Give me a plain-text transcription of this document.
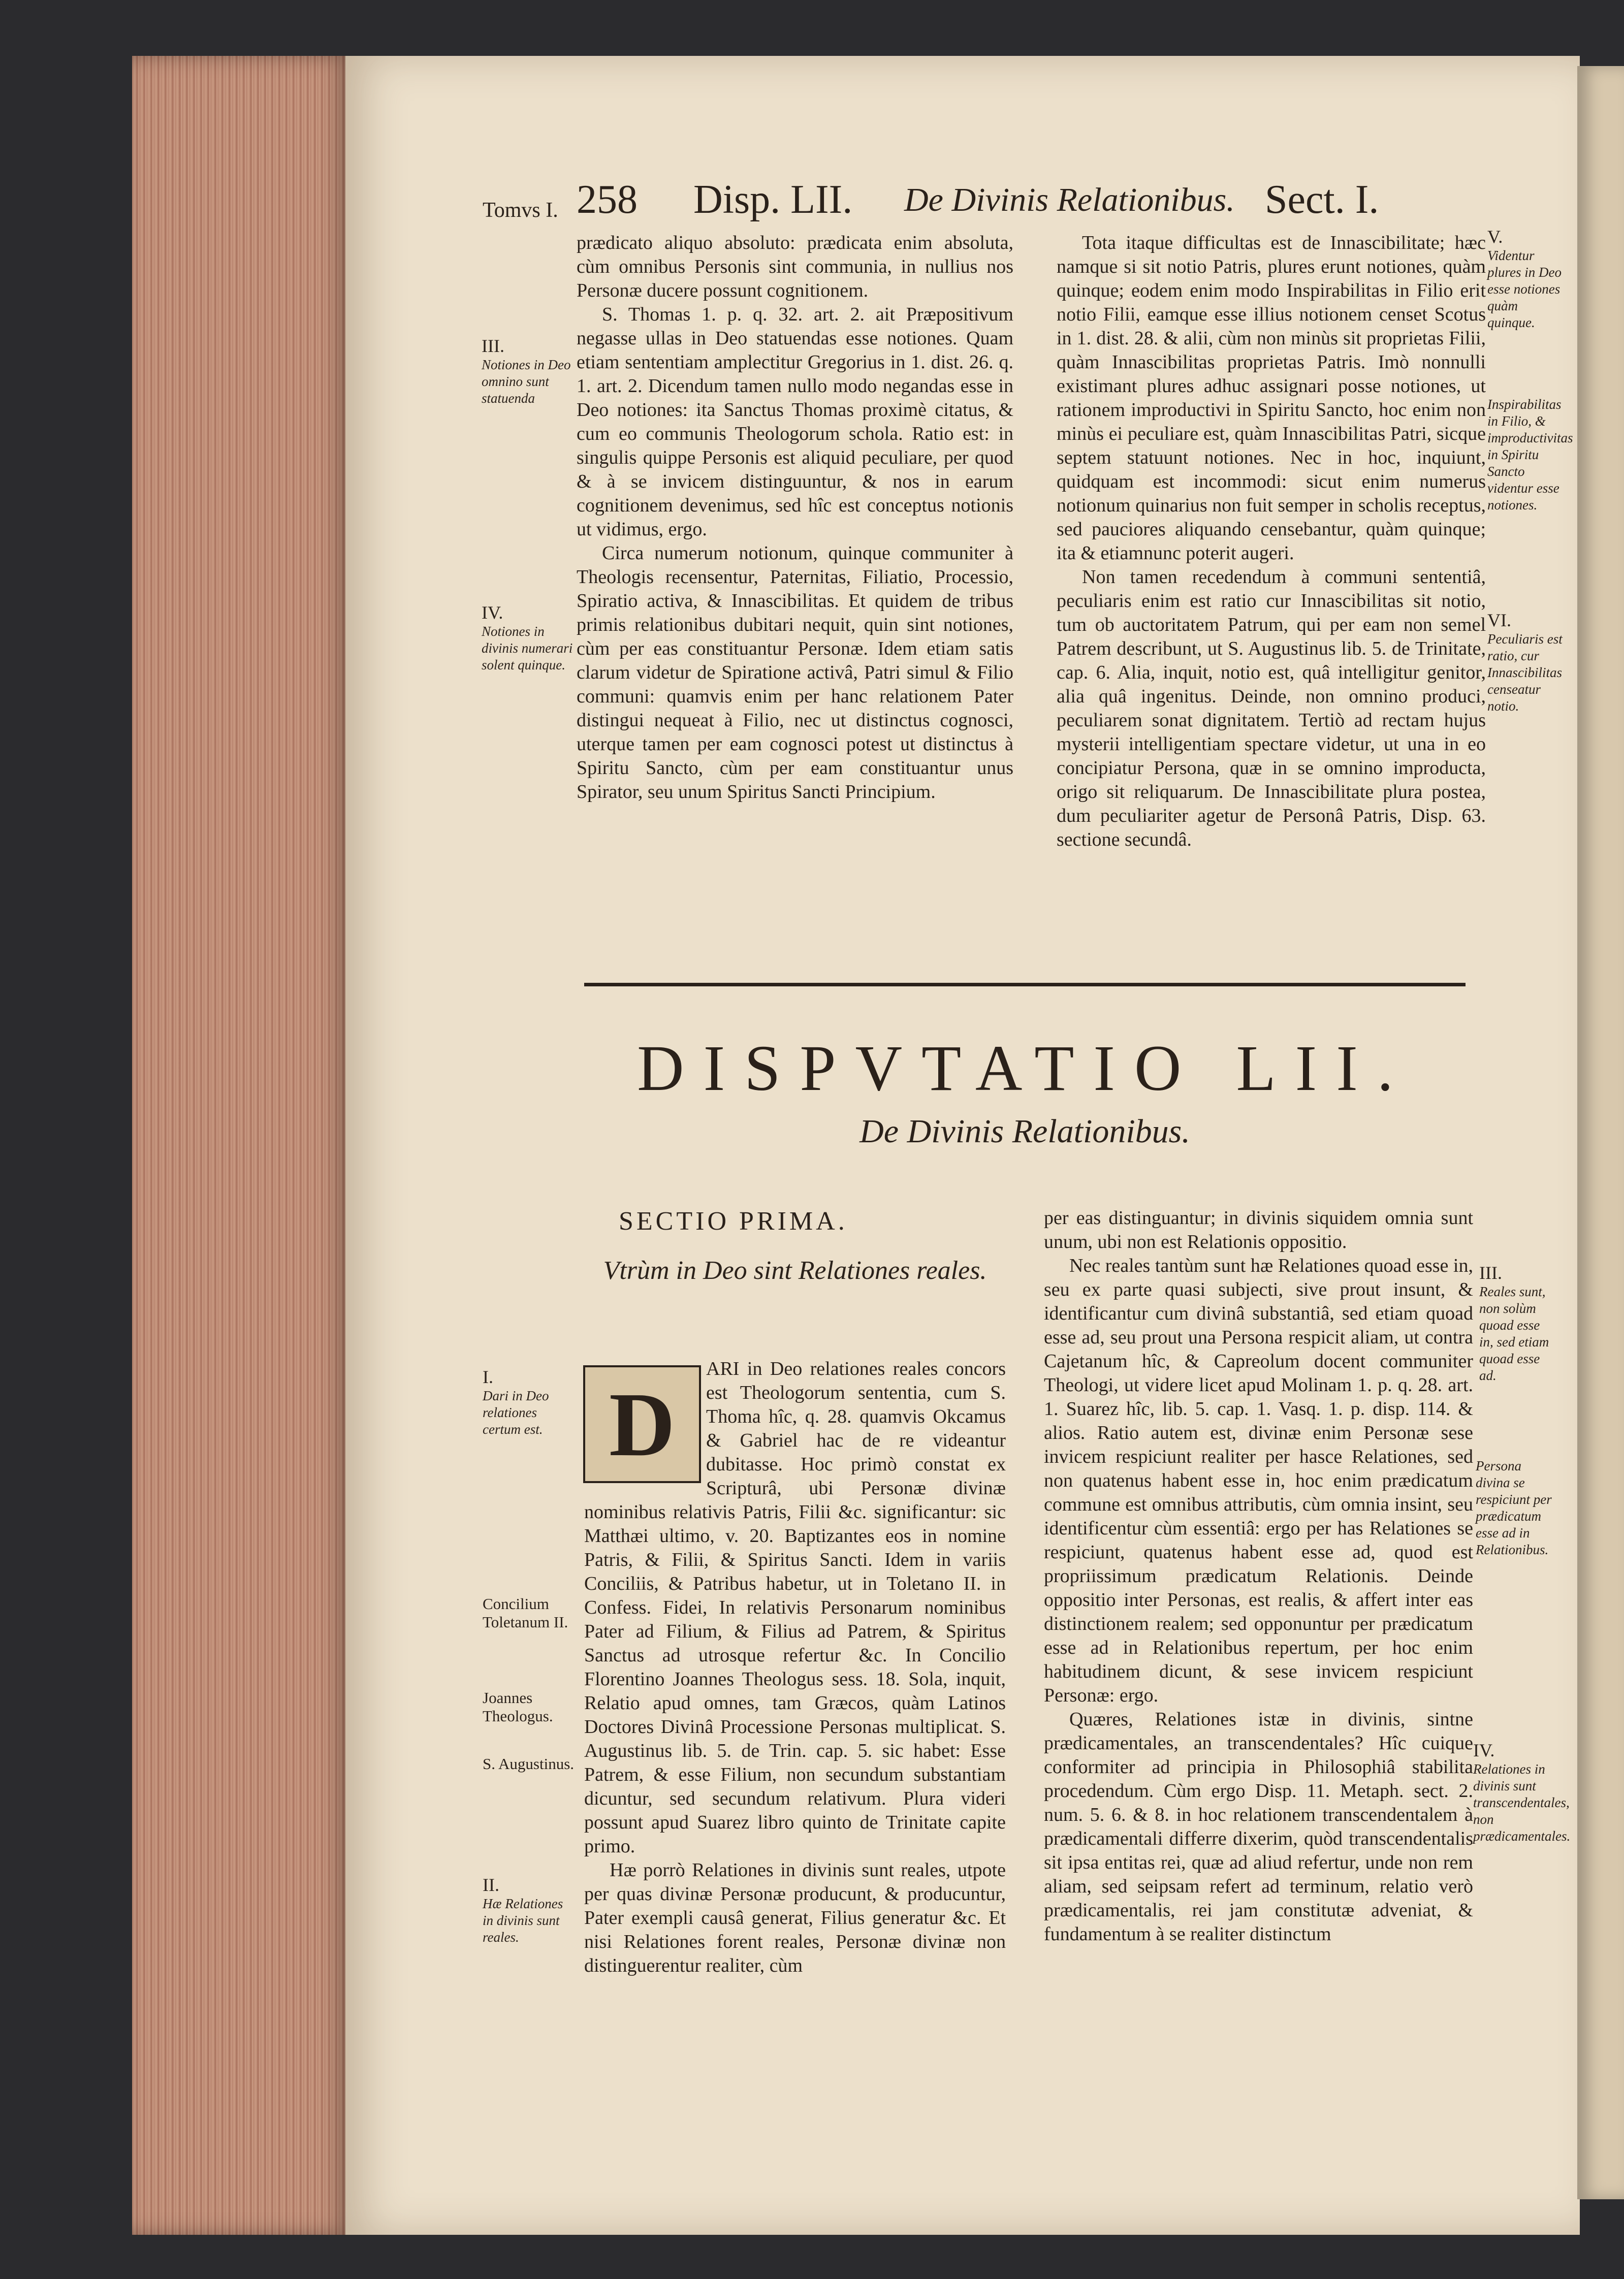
Tomvs I. 258 Disp. LII. De Divinis Relationibus. Sect. I.

prædicato aliquo absoluto: prædicata enim absoluta, cùm omnibus Personis sint communia, in nullius nos Personæ ducere possunt cognitionem.

S. Thomas 1. p. q. 32. art. 2. ait Præpositivum negasse ullas in Deo statuendas esse notiones. Quam etiam sententiam amplectitur Gregorius in 1. dist. 26. q. 1. art. 2. Dicendum tamen nullo modo negandas esse in Deo notiones: ita Sanctus Thomas proximè citatus, & cum eo communis Theologorum schola. Ratio est: in singulis quippe Personis est aliquid peculiare, per quod & à se invicem distinguuntur, & nos in earum cognitionem devenimus, sed hîc est conceptus notionis ut vidimus, ergo.

Circa numerum notionum, quinque communiter à Theologis recensentur, Paternitas, Filiatio, Processio, Spiratio activa, & Innascibilitas. Et quidem de tribus primis relationibus dubitari nequit, quin sint notiones, cùm per eas constituantur Personæ. Idem etiam satis clarum videtur de Spiratione activâ, Patri simul & Filio communi: quamvis enim per hanc relationem Pater distingui nequeat à Filio, nec ut distinctus cognosci, uterque tamen per eam cognosci potest ut distinctus à Spiritu Sancto, cùm per eam constituantur unus Spirator, seu unum Spiritus Sancti Principium.

Tota itaque difficultas est de Innascibilitate; hæc namque si sit notio Patris, plures erunt notiones, quàm quinque; eodem enim modo Inspirabilitas in Filio erit notio Filii, eamque esse illius notionem censet Scotus in 1. dist. 28. & alii, cùm non minùs sit proprietas Filii, quàm Innascibilitas proprietas Patris. Imò nonnulli existimant plures adhuc assignari posse notiones, ut rationem improductivi in Spiritu Sancto, hoc enim non minùs ei peculiare est, quàm Innascibilitas Patri, sicque septem statuunt notiones. Nec in hoc, inquiunt, quidquam est incommodi: sicut enim numerus notionum quinarius non fuit semper in scholis receptus, sed pauciores aliquando censebantur, quàm quinque; ita & etiamnunc poterit augeri.

Non tamen recedendum à communi sententiâ, peculiaris enim est ratio cur Innascibilitas sit notio, tum ob auctoritatem Patrum, qui per eam non semel Patrem describunt, ut S. Augustinus lib. 5. de Trinitate, cap. 6. Alia, inquit, notio est, quâ intelligitur genitor, alia quâ ingenitus. Deinde, non omnino produci, peculiarem sonat dignitatem. Tertiò ad rectam hujus mysterii intelligentiam spectare videtur, ut una in eo concipiatur Persona, quæ in se omnino improducta, origo sit reliquarum. De Innascibilitate plura postea, dum peculiariter agetur de Personâ Patris, Disp. 63. sectione secundâ.

III.
Notiones in Deo omnino sunt statuenda
IV.
Notiones in divinis numerari solent quinque.
V.
Videntur plures in Deo esse notiones quàm quinque.
Inspirabilitas in Filio, & improductivitas in Spiritu Sancto videntur esse notiones.
VI.
Peculiaris est ratio, cur Innascibilitas censeatur notio.
DISPVTATIO LII.
De Divinis Relationibus.
SECTIO PRIMA.
Vtrùm in Deo sint Relationes reales.
D

ARI in Deo relationes reales concors est Theologorum sententia, cum S. Thoma hîc, q. 28. quamvis Okcamus & Gabriel hac de re videantur dubitasse. Hoc primò constat ex Scripturâ, ubi Personæ divinæ nominibus relativis Patris, Filii &c. significantur: sic Matthæi ultimo, v. 20. Baptizantes eos in nomine Patris, & Filii, & Spiritus Sancti. Idem in variis Conciliis, & Patribus habetur, ut in Toletano II. in Confess. Fidei, In relativis Personarum nominibus Pater ad Filium, & Filius ad Patrem, & Spiritus Sanctus ad utrosque refertur &c. In Concilio Florentino Joannes Theologus sess. 18. Sola, inquit, Relatio apud omnes, tam Græcos, quàm Latinos Doctores Divinâ Processione Personas multiplicat. S. Augustinus lib. 5. de Trin. cap. 5. sic habet: Esse Patrem, & esse Filium, non secundum substantiam dicuntur, sed secundum relativum. Plura videri possunt apud Suarez libro quinto de Trinitate capite primo.

Hæ porrò Relationes in divinis sunt reales, utpote per quas divinæ Personæ producunt, & producuntur, Pater exempli causâ generat, Filius generatur &c. Et nisi Relationes forent reales, Personæ divinæ non distinguerentur realiter, cùm

per eas distinguantur; in divinis siquidem omnia sunt unum, ubi non est Relationis oppositio.

Nec reales tantùm sunt hæ Relationes quoad esse in, seu ex parte quasi subjecti, sive prout insunt, & identificantur cum divinâ substantiâ, sed etiam quoad esse ad, seu prout una Persona respicit aliam, ut contra Cajetanum hîc, & Capreolum docent communiter Theologi, ut videre licet apud Molinam 1. p. q. 28. art. 1. Suarez hîc, lib. 5. cap. 1. Vasq. 1. p. disp. 114. & alios. Ratio autem est, divinæ enim Personæ sese invicem respiciunt realiter per hasce Relationes, sed non quatenus habent esse in, hoc enim prædicatum commune est omnibus attributis, cùm omnia insint, seu identificentur cùm essentiâ: ergo per has Relationes se respiciunt, quatenus habent esse ad, quod est propriissimum prædicatum Relationis. Deinde oppositio inter Personas, est realis, & affert inter eas distinctionem realem; sed opponuntur per prædicatum esse ad in Relationibus repertum, per hoc enim habitudinem dicunt, & sese invicem respiciunt Personæ: ergo.

Quæres, Relationes istæ in divinis, sintne prædicamentales, an transcendentales? Hîc cuique conformiter ad principia in Philosophiâ stabilita procedendum. Cùm ergo Disp. 11. Metaph. sect. 2. num. 5. 6. & 8. in hoc relationem transcendentalem à prædicamentali differre dixerim, quòd transcendentalis sit ipsa entitas rei, quæ ad aliud refertur, unde non rem aliam, sed seipsam refert ad terminum, relatio verò prædicamentalis, rei jam constitutæ adveniat, & fundamentum à se realiter distinctum

I.
Dari in Deo relationes certum est.
Concilium Toletanum II.
Joannes Theologus.
S. Augustinus.
II.
Hæ Relationes in divinis sunt reales.
III.
Reales sunt, non solùm quoad esse in, sed etiam quoad esse ad.
Persona divina se respiciunt per prædicatum esse ad in Relationibus.
IV.
Relationes in divinis sunt transcendentales, non prædicamentales.
